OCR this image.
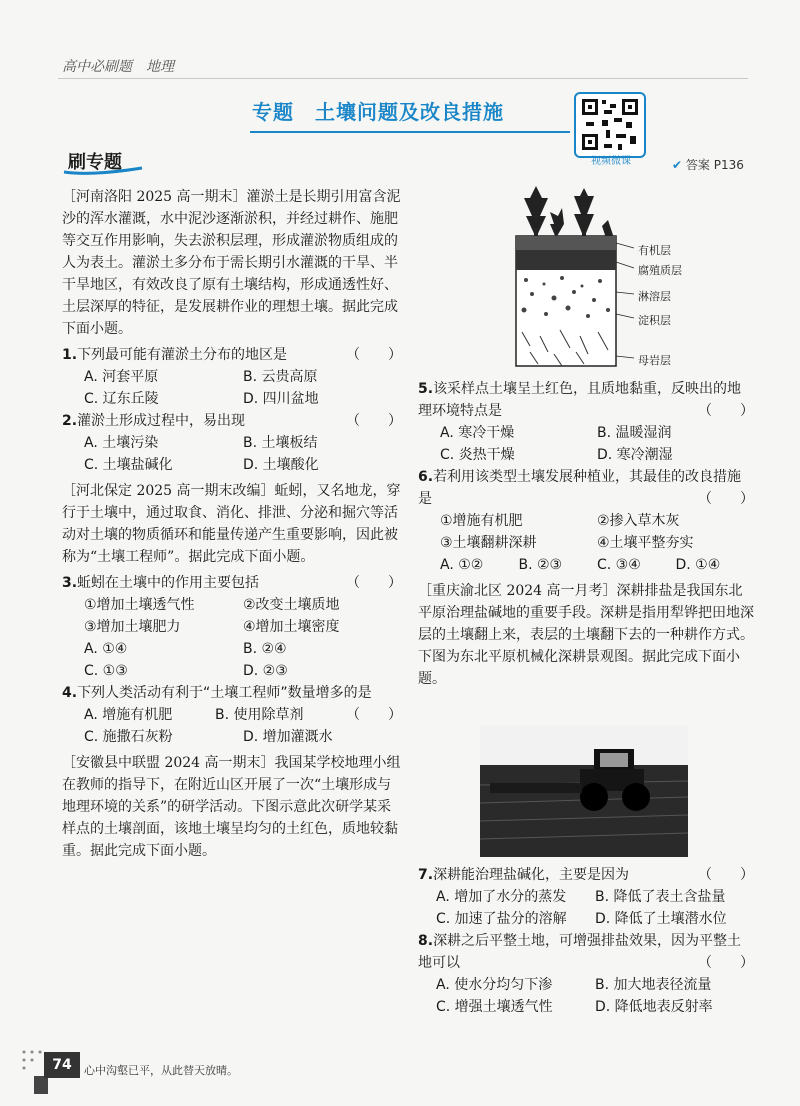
高中必刷题　地理
专题　土壤问题及改良措施
视频微课
刷专题	✔ 答案 P136
［河南洛阳 2025 高一期末］灌淤土是长期引用富含泥沙的浑水灌溉，水中泥沙逐渐淤积，并经过耕作、施肥等交互作用影响，失去淤积层理，形成灌淤物质组成的人为表土。灌淤土多分布于需长期引水灌溉的干旱、半干旱地区，有效改良了原有土壤结构，形成通透性好、土层深厚的特征，是发展耕作业的理想土壤。据此完成下面小题。
1.下列最可能有灌淤土分布的地区是	（　　）
A. 河套平原	B. 云贵高原
C. 辽东丘陵	D. 四川盆地
2.灌淤土形成过程中，易出现	（　　）
A. 土壤污染	B. 土壤板结
C. 土壤盐碱化	D. 土壤酸化
［河北保定 2025 高一期末改编］蚯蚓，又名地龙，穿行于土壤中，通过取食、消化、排泄、分泌和掘穴等活动对土壤的物质循环和能量传递产生重要影响，因此被称为“土壤工程师”。据此完成下面小题。
3.蚯蚓在土壤中的作用主要包括	（　　）
①增加土壤透气性	②改变土壤质地
③增加土壤肥力	④增加土壤密度
A. ①④	B. ②④
C. ①③	D. ②③
4.下列人类活动有利于“土壤工程师”数量增多的是
（　　）
A. 增施有机肥	B. 使用除草剂
C. 施撒石灰粉	D. 增加灌溉水
［安徽县中联盟 2024 高一期末］我国某学校地理小组在教师的指导下，在附近山区开展了一次“土壤形成与地理环境的关系”的研学活动。下图示意此次研学某采样点的土壤剖面，该地土壤呈均匀的土红色，质地较黏重。据此完成下面小题。
有机层
腐殖质层
淋溶层
淀积层
母岩层
5.该采样点土壤呈土红色，且质地黏重，反映出的地理环境特点是	（　　）
A. 寒冷干燥	B. 温暖湿润
C. 炎热干燥	D. 寒冷潮湿
6.若利用该类型土壤发展种植业，其最佳的改良措施是	（　　）
①增施有机肥	②掺入草木灰
③土壤翻耕深耕	④土壤平整夯实
A. ①②	B. ②③	C. ③④	D. ①④
［重庆渝北区 2024 高一月考］深耕排盐是我国东北平原治理盐碱地的重要手段。深耕是指用犁铧把田地深层的土壤翻上来，表层的土壤翻下去的一种耕作方式。下图为东北平原机械化深耕景观图。据此完成下面小题。
7.深耕能治理盐碱化，主要是因为	（　　）
A. 增加了水分的蒸发	B. 降低了表土含盐量
C. 加速了盐分的溶解	D. 降低了土壤潜水位
8.深耕之后平整土地，可增强排盐效果，因为平整土地可以	（　　）
A. 使水分均匀下渗	B. 加大地表径流量
C. 增强土壤透气性	D. 降低地表反射率
74	心中沟壑已平，从此替天放晴。
